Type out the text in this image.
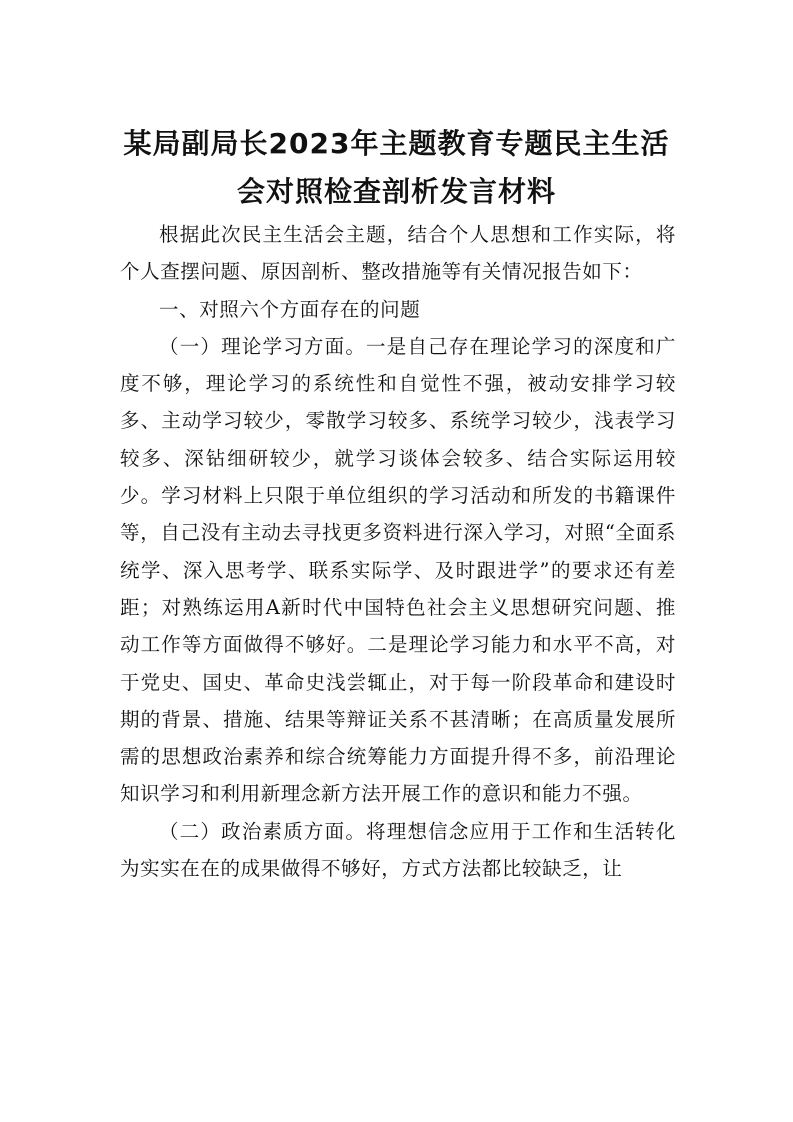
某局副局长2023年主题教育专题民主生活
会对照检查剖析发言材料

根据此次民主生活会主题，结合个人思想和工作实际，将个人查摆问题、原因剖析、整改措施等有关情况报告如下：

一、对照六个方面存在的问题

（一）理论学习方面。一是自己存在理论学习的深度和广度不够，理论学习的系统性和自觉性不强，被动安排学习较多、主动学习较少，零散学习较多、系统学习较少，浅表学习较多、深钻细研较少，就学习谈体会较多、结合实际运用较少。学习材料上只限于单位组织的学习活动和所发的书籍课件等，自己没有主动去寻找更多资料进行深入学习，对照“全面系统学、深入思考学、联系实际学、及时跟进学”的要求还有差距；对熟练运用A新时代中国特色社会主义思想研究问题、推动工作等方面做得不够好。二是理论学习能力和水平不高，对于党史、国史、革命史浅尝辄止，对于每一阶段革命和建设时期的背景、措施、结果等辩证关系不甚清晰；在高质量发展所需的思想政治素养和综合统筹能力方面提升得不多，前沿理论知识学习和利用新理念新方法开展工作的意识和能力不强。

（二）政治素质方面。将理想信念应用于工作和生活转化为实实在在的成果做得不够好，方式方法都比较缺乏，让
